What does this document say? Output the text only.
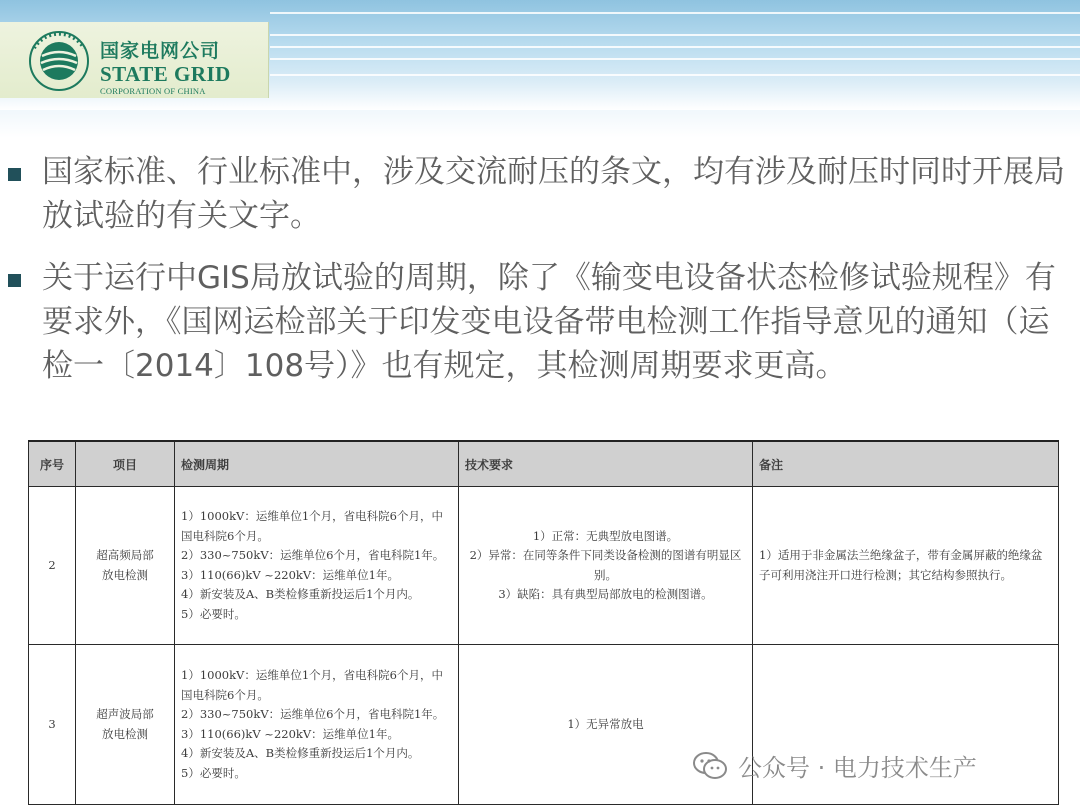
国家电网公司
STATE GRID
CORPORATION OF CHINA
国家标准、行业标准中，涉及交流耐压的条文，均有涉及耐压时同时开展局放试验的有关文字。
关于运行中GIS局放试验的周期，除了《输变电设备状态检修试验规程》有要求外，《国网运检部关于印发变电设备带电检测工作指导意见的通知（运检一〔2014〕108号）》也有规定，其检测周期要求更高。
序号	项目	检测周期	技术要求	备注
2	超高频局部
放电检测	1）1000kV：运维单位1个月，省电科院6个月，中国电科院6个月。
2）330~750kV：运维单位6个月，省电科院1年。
3）110(66)kV ~220kV：运维单位1年。
4）新安装及A、B类检修重新投运后1个月内。
5）必要时。	1）正常：无典型放电图谱。
2）异常：在同等条件下同类设备检测的图谱有明显区别。
3）缺陷：具有典型局部放电的检测图谱。	1）适用于非金属法兰绝缘盆子，带有金属屏蔽的绝缘盆子可利用浇注开口进行检测；其它结构参照执行。
3	超声波局部
放电检测	1）1000kV：运维单位1个月，省电科院6个月，中国电科院6个月。
2）330~750kV：运维单位6个月，省电科院1年。
3）110(66)kV ~220kV：运维单位1年。
4）新安装及A、B类检修重新投运后1个月内。
5）必要时。	1）无异常放电	

公众号 · 电力技术生产
